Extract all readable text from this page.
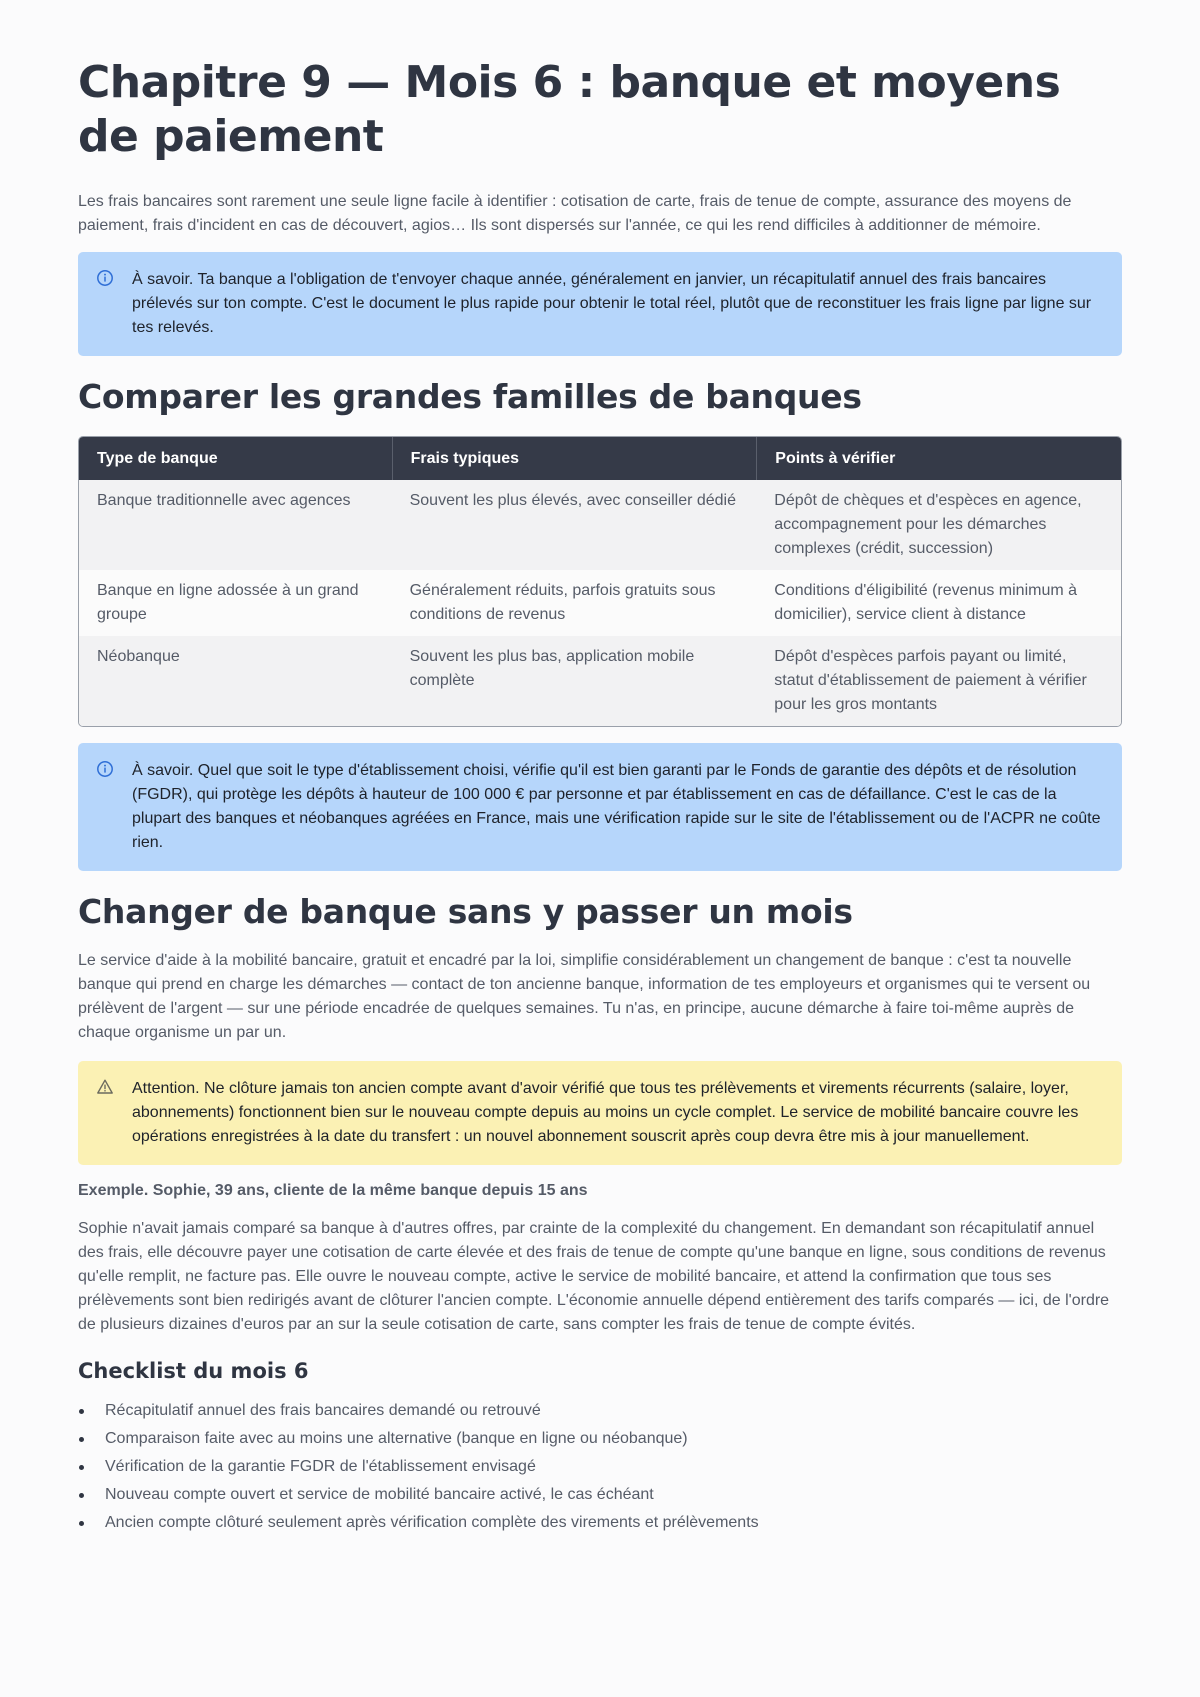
Chapitre 9 — Mois 6 : banque et moyens de paiement

Les frais bancaires sont rarement une seule ligne facile à identifier : cotisation de carte, frais de tenue de compte, assurance des moyens de paiement, frais d'incident en cas de découvert, agios… Ils sont dispersés sur l'année, ce qui les rend difficiles à additionner de mémoire.

À savoir. Ta banque a l'obligation de t'envoyer chaque année, généralement en janvier, un récapitulatif annuel des frais bancaires prélevés sur ton compte. C'est le document le plus rapide pour obtenir le total réel, plutôt que de reconstituer les frais ligne par ligne sur tes relevés.
Comparer les grandes familles de banques
Type de banque	Frais typiques	Points à vérifier
Banque traditionnelle avec agences	Souvent les plus élevés, avec conseiller dédié	Dépôt de chèques et d'espèces en agence, accompagnement pour les démarches complexes (crédit, succession)
Banque en ligne adossée à un grand groupe	Généralement réduits, parfois gratuits sous conditions de revenus	Conditions d'éligibilité (revenus minimum à domicilier), service client à distance
Néobanque	Souvent les plus bas, application mobile complète	Dépôt d'espèces parfois payant ou limité, statut d'établissement de paiement à vérifier pour les gros montants
À savoir. Quel que soit le type d'établissement choisi, vérifie qu'il est bien garanti par le Fonds de garantie des dépôts et de résolution (FGDR), qui protège les dépôts à hauteur de 100 000 € par personne et par établissement en cas de défaillance. C'est le cas de la plupart des banques et néobanques agréées en France, mais une vérification rapide sur le site de l'établissement ou de l'ACPR ne coûte rien.
Changer de banque sans y passer un mois

Le service d'aide à la mobilité bancaire, gratuit et encadré par la loi, simplifie considérablement un changement de banque : c'est ta nouvelle banque qui prend en charge les démarches — contact de ton ancienne banque, information de tes employeurs et organismes qui te versent ou prélèvent de l'argent — sur une période encadrée de quelques semaines. Tu n'as, en principe, aucune démarche à faire toi-même auprès de chaque organisme un par un.

Attention. Ne clôture jamais ton ancien compte avant d'avoir vérifié que tous tes prélèvements et virements récurrents (salaire, loyer, abonnements) fonctionnent bien sur le nouveau compte depuis au moins un cycle complet. Le service de mobilité bancaire couvre les opérations enregistrées à la date du transfert : un nouvel abonnement souscrit après coup devra être mis à jour manuellement.
Exemple. Sophie, 39 ans, cliente de la même banque depuis 15 ans

Sophie n'avait jamais comparé sa banque à d'autres offres, par crainte de la complexité du changement. En demandant son récapitulatif annuel des frais, elle découvre payer une cotisation de carte élevée et des frais de tenue de compte qu'une banque en ligne, sous conditions de revenus qu'elle remplit, ne facture pas. Elle ouvre le nouveau compte, active le service de mobilité bancaire, et attend la confirmation que tous ses prélèvements sont bien redirigés avant de clôturer l'ancien compte. L'économie annuelle dépend entièrement des tarifs comparés — ici, de l'ordre de plusieurs dizaines d'euros par an sur la seule cotisation de carte, sans compter les frais de tenue de compte évités.

Checklist du mois 6
Récapitulatif annuel des frais bancaires demandé ou retrouvé
Comparaison faite avec au moins une alternative (banque en ligne ou néobanque)
Vérification de la garantie FGDR de l'établissement envisagé
Nouveau compte ouvert et service de mobilité bancaire activé, le cas échéant
Ancien compte clôturé seulement après vérification complète des virements et prélèvements
